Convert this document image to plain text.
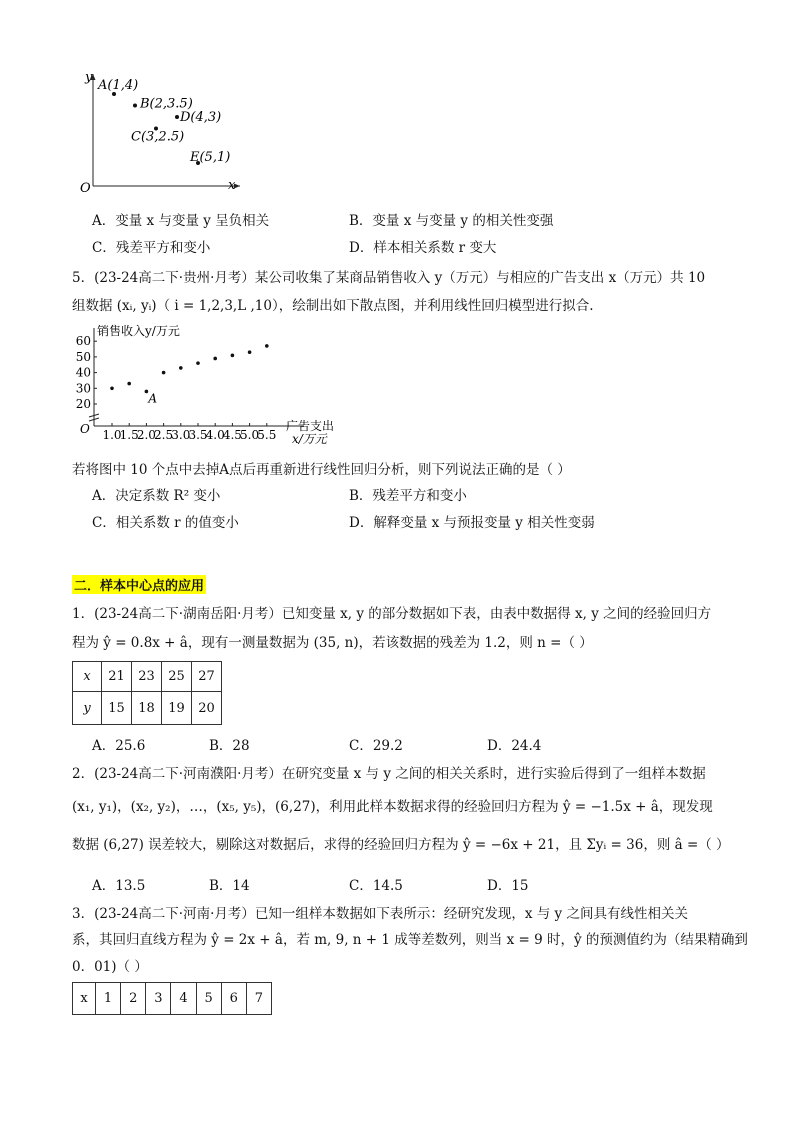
x
y
O
A(1,4)
B(2,3.5)
C(3,2.5)
D(4,3)
E(5,1)
A．变量 x 与变量 y 呈负相关	B．变量 x 与变量 y 的相关性变强
C．残差平方和变小	D．样本相关系数 r 变大
5．(23-24高二下·贵州·月考）某公司收集了某商品销售收入 y（万元）与相应的广告支出 x（万元）共 10
组数据 (xᵢ, yᵢ)（ i = 1,2,3,L ,10），绘制出如下散点图，并利用线性回归模型进行拟合.
销售收入y/万元
广告支出
x/万元
O
20
30
40
50
60
1.0
1.5
2.0
2.5
3.0
3.5
4.0
4.5
5.0
5.5
A
若将图中 10 个点中去掉A点后再重新进行线性回归分析，则下列说法正确的是（ ）
A．决定系数 R² 变小	B．残差平方和变小
C．相关系数 r 的值变小	D．解释变量 x 与预报变量 y 相关性变弱
二．样本中心点的应用
1．(23-24高二下·湖南岳阳·月考）已知变量 x, y 的部分数据如下表，由表中数据得 x, y 之间的经验回归方
程为 ŷ = 0.8x + â，现有一测量数据为 (35, n)，若该数据的残差为 1.2，则 n =（ ）
x	21	23	25	27
y	15	18	19	20
A．25.6	B．28	C．29.2	D．24.4
2．(23-24高二下·河南濮阳·月考）在研究变量 x 与 y 之间的相关关系时，进行实验后得到了一组样本数据
(x₁, y₁)，(x₂, y₂)，…，(x₅, y₅)，(6,27)，利用此样本数据求得的经验回归方程为 ŷ = −1.5x + â，现发现
数据 (6,27) 误差较大，剔除这对数据后，求得的经验回归方程为 ŷ = −6x + 21，且 Σyᵢ = 36，则 â =（ ）
A．13.5	B．14	C．14.5	D．15
3．(23-24高二下·河南·月考）已知一组样本数据如下表所示：经研究发现，x 与 y 之间具有线性相关关
系，其回归直线方程为 ŷ = 2x + â，若 m, 9, n + 1 成等差数列，则当 x = 9 时，ŷ 的预测值约为（结果精确到
0．01)（ ）
x	1	2	3	4	5	6	7
